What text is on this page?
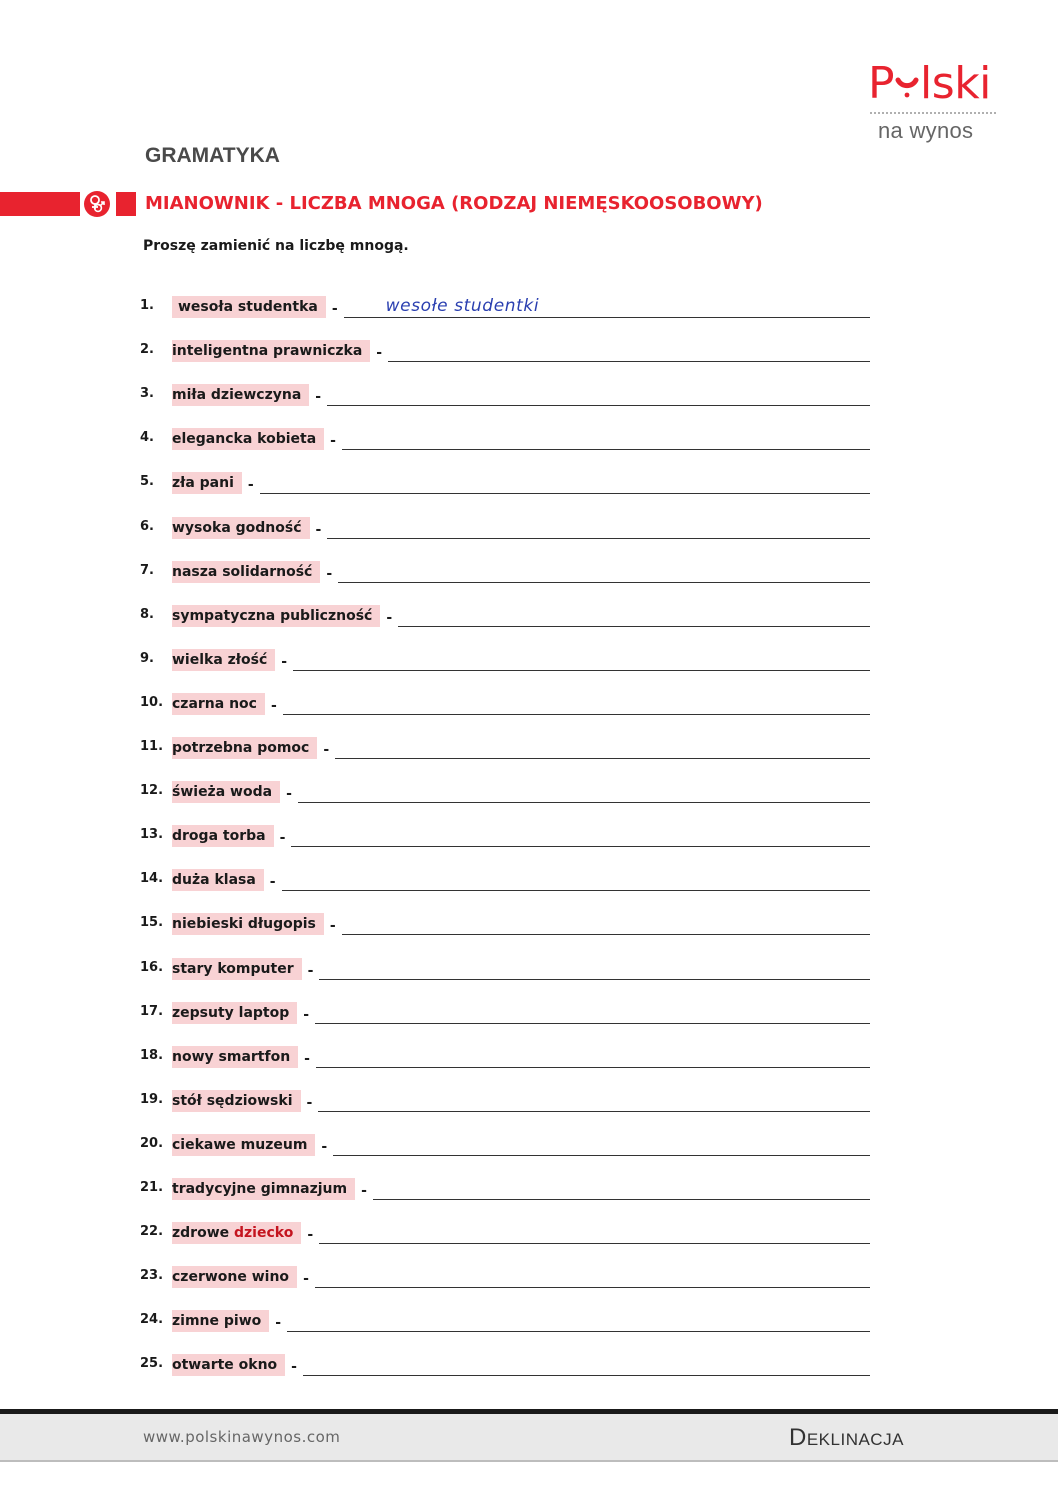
P lski
na wynos
GRAMATYKA
MIANOWNIK - LICZBA MNOGA (RODZAJ NIEMĘSKOOSOBOWY)
Proszę zamienić na liczbę mnogą.
1.	wesoła studentka	-	wesołe studentki
2. inteligentna prawniczka	-
3. miła dziewczyna	-
4. elegancka kobieta	-
5. zła pani	-
6. wysoka godność	-
7. nasza solidarność	-
8. sympatyczna publiczność	-
9. wielka złość	-
10. czarna noc	-
11. potrzebna pomoc	-
12. świeża woda	-
13. droga torba	-
14. duża klasa	-
15. niebieski długopis	-
16. stary komputer	-
17. zepsuty laptop	-
18. nowy smartfon	-
19. stół sędziowski	-
20. ciekawe muzeum	-
21. tradycyjne gimnazjum	-
22. zdrowe dziecko	-
23. czerwone wino	-
24. zimne piwo	-
25. otwarte okno	-
www.polskinawynos.com	Deklinacja
